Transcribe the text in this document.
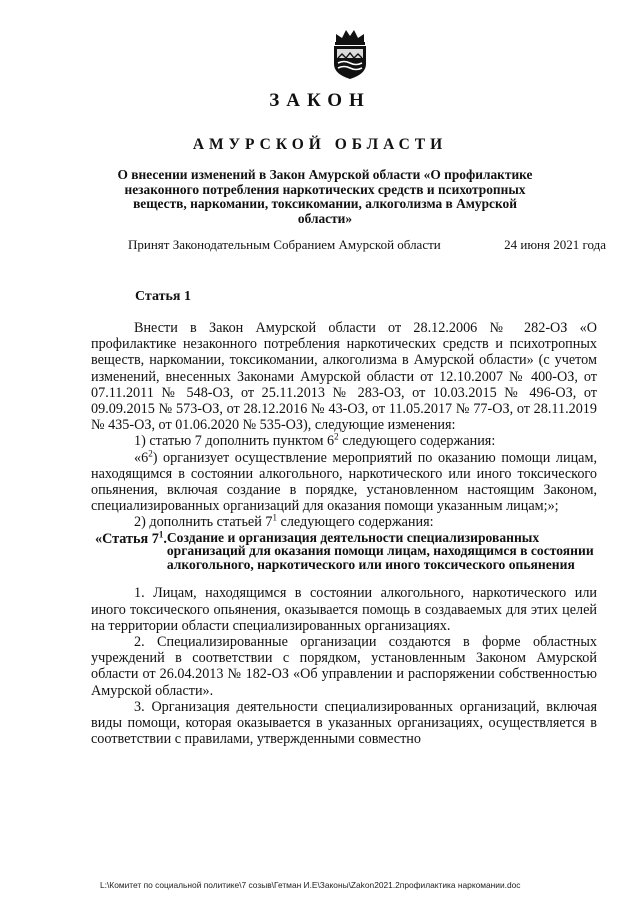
ЗАКОН
АМУРСКОЙ ОБЛАСТИ
О внесении изменений в Закон Амурской области «О профилактике незаконного потребления наркотических средств и психотропных веществ, наркомании, токсикомании, алкоголизма в Амурской области»
Принят Законодательным Собранием Амурской области	24 июня 2021 года
Статья 1

Внести в Закон Амурской области от 28.12.2006 № 282-ОЗ «О профилактике незаконного потребления наркотических средств и психотропных веществ, наркомании, токсикомании, алкоголизма в Амурской области» (с учетом изменений, внесенных Законами Амурской области от 12.10.2007 № 400-ОЗ, от 07.11.2011 № 548-ОЗ, от 25.11.2013 № 283-ОЗ, от 10.03.2015 № 496-ОЗ, от 09.09.2015 № 573-ОЗ, от 28.12.2016 № 43-ОЗ, от 11.05.2017 № 77-ОЗ, от 28.11.2019 № 435-ОЗ, от 01.06.2020 № 535-ОЗ), следующие изменения:

1) статью 7 дополнить пунктом $6^2$ следующего содержания:

«$6^2$) организует осуществление мероприятий по оказанию помощи лицам, находящимся в состоянии алкогольного, наркотического или иного токсического опьянения, включая создание в порядке, установленном настоящим Законом, специализированных организаций для оказания помощи указанным лицам;»;

2) дополнить статьей $7^1$ следующего содержания:

«Статья $7^1$. Создание и организация деятельности специализированных организаций для оказания помощи лицам, находящимся в состоянии алкогольного, наркотического или иного токсического опьянения

1. Лицам, находящимся в состоянии алкогольного, наркотического или иного токсического опьянения, оказывается помощь в создаваемых для этих целей на территории области специализированных организациях.

2. Специализированные организации создаются в форме областных учреждений в соответствии с порядком, установленным Законом Амурской области от 26.04.2013 № 182-ОЗ «Об управлении и распоряжении собственностью Амурской области».

3. Организация деятельности специализированных организаций, включая виды помощи, которая оказывается в указанных организациях, осуществляется в соответствии с правилами, утвержденными совместно

L:\Комитет по социальной политике\7 созыв\Гетман И.Е\Законы\Zakon2021.2профилактика наркомании.doc
